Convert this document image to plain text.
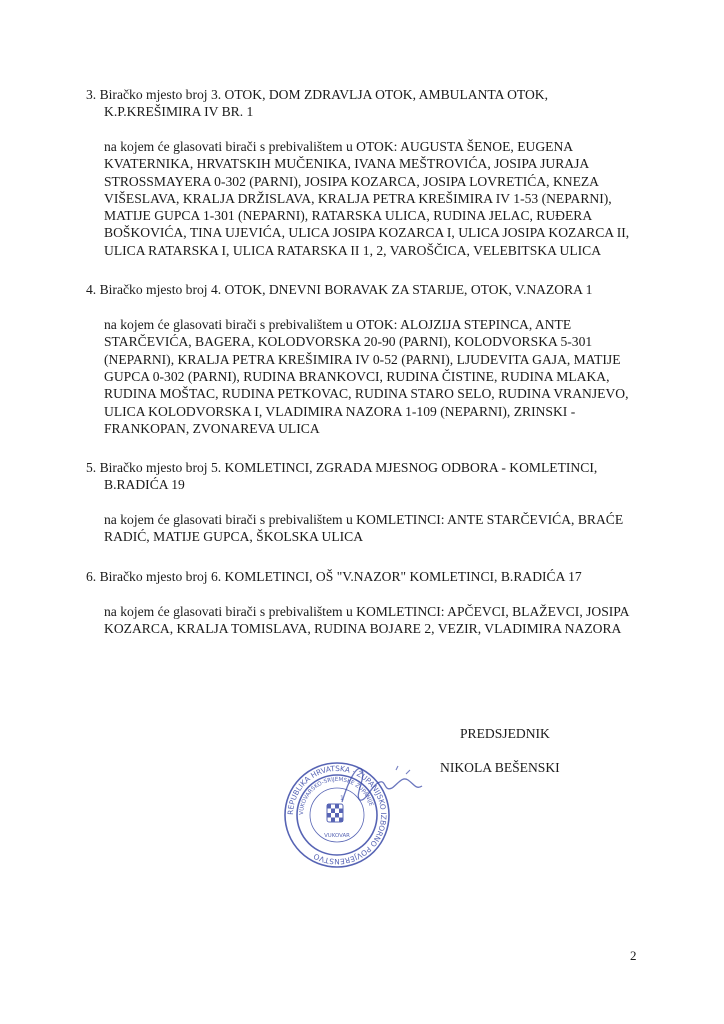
3. Biračko mjesto broj 3. OTOK, DOM ZDRAVLJA OTOK, AMBULANTA OTOK, K.P.KREŠIMIRA IV BR. 1

na kojem će glasovati birači s prebivalištem u OTOK: AUGUSTA ŠENOE, EUGENA KVATERNIKA, HRVATSKIH MUČENIKA, IVANA MEŠTROVIĆA, JOSIPA JURAJA STROSSMAYERA 0-302 (PARNI), JOSIPA KOZARCA, JOSIPA LOVRETIĆA, KNEZA VIŠESLAVA, KRALJA DRŽISLAVA, KRALJA PETRA KREŠIMIRA IV 1-53 (NEPARNI), MATIJE GUPCA 1-301 (NEPARNI), RATARSKA ULICA, RUDINA JELAC, RUĐERA BOŠKOVIĆA, TINA UJEVIĆA, ULICA JOSIPA KOZARCA I, ULICA JOSIPA KOZARCA II, ULICA RATARSKA I, ULICA RATARSKA II 1, 2, VAROŠČICA, VELEBITSKA ULICA

4. Biračko mjesto broj 4. OTOK, DNEVNI BORAVAK ZA STARIJE, OTOK, V.NAZORA 1

na kojem će glasovati birači s prebivalištem u OTOK: ALOJZIJA STEPINCA, ANTE STARČEVIĆA, BAGERA, KOLODVORSKA 20-90 (PARNI), KOLODVORSKA 5-301 (NEPARNI), KRALJA PETRA KREŠIMIRA IV 0-52 (PARNI), LJUDEVITA GAJA, MATIJE GUPCA 0-302 (PARNI), RUDINA BRANKOVCI, RUDINA ČISTINE, RUDINA MLAKA, RUDINA MOŠTAC, RUDINA PETKOVAC, RUDINA STARO SELO, RUDINA VRANJEVO, ULICA KOLODVORSKA I, VLADIMIRA NAZORA 1-109 (NEPARNI), ZRINSKI - FRANKOPAN, ZVONAREVA ULICA

5. Biračko mjesto broj 5. KOMLETINCI, ZGRADA MJESNOG ODBORA - KOMLETINCI, B.RADIĆA 19

na kojem će glasovati birači s prebivalištem u KOMLETINCI: ANTE STARČEVIĆA, BRAĆE RADIĆ, MATIJE GUPCA, ŠKOLSKA ULICA

6. Biračko mjesto broj 6. KOMLETINCI, OŠ "V.NAZOR" KOMLETINCI, B.RADIĆA 17

na kojem će glasovati birači s prebivalištem u KOMLETINCI: APČEVCI, BLAŽEVCI, JOSIPA KOZARCA, KRALJA TOMISLAVA, RUDINA BOJARE 2, VEZIR, VLADIMIRA NAZORA

PREDSJEDNIK
NIKOLA BEŠENSKI
REPUBLIKA HRVATSKA · ŽUPANIJSKO IZBORNO POVJERENSTVO
VUKOVARSKO-SRIJEMSKE ŽUPANIJE
1
VUKOVAR
2
